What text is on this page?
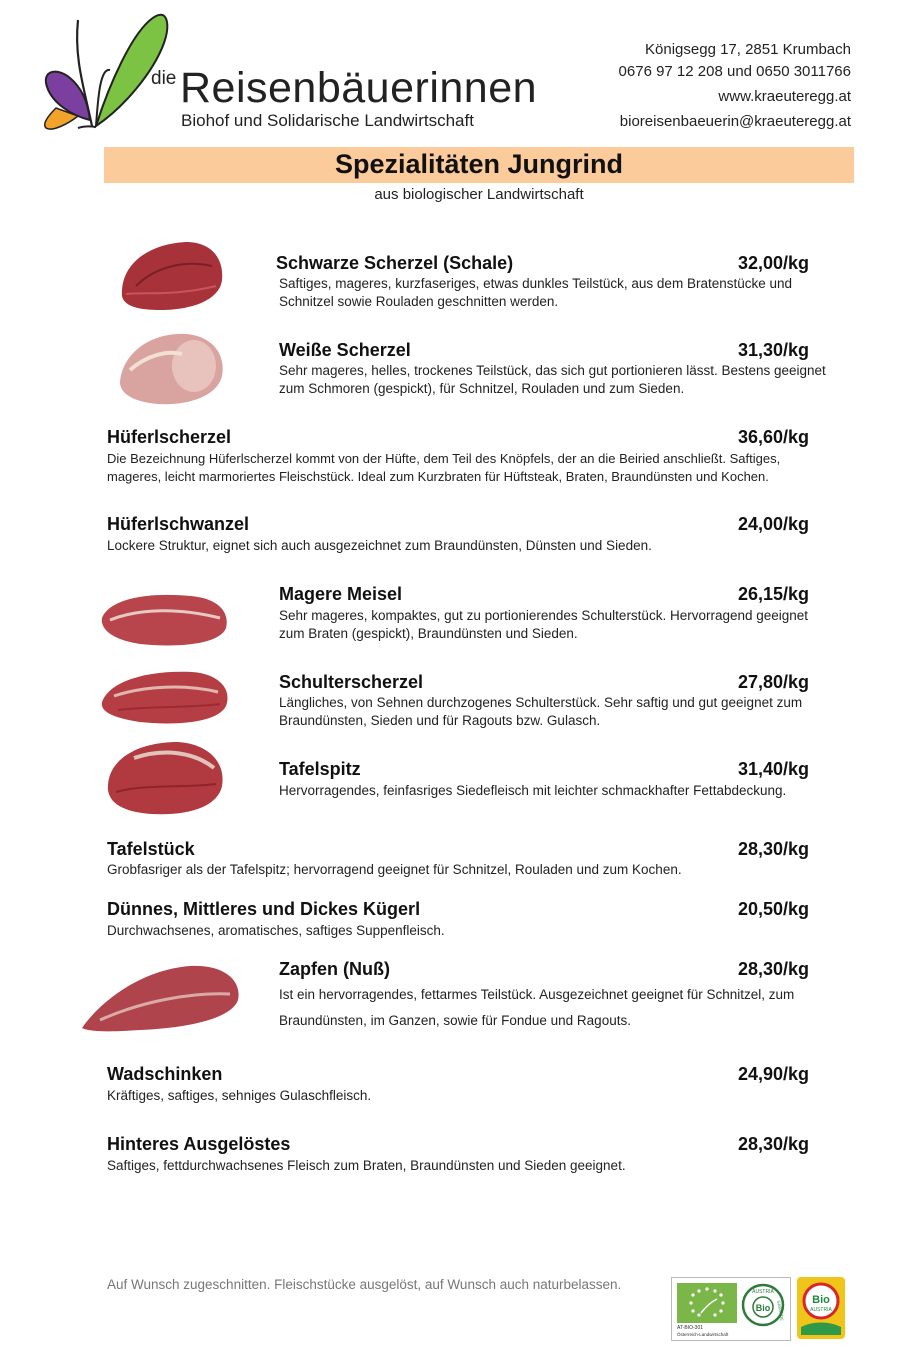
die Reisenbäuerinnen
Biohof und Solidarische Landwirtschaft
Königsegg 17, 2851 Krumbach
0676 97 12 208 und 0650 3011766
www.kraeuteregg.at
bioreisenbaeuerin@kraeuteregg.at
Spezialitäten Jungrind
aus biologischer Landwirtschaft
Schwarze Scherzel (Schale)	32,00/kg
Saftiges, mageres, kurzfaseriges, etwas dunkles Teilstück, aus dem Bratenstücke und
Schnitzel sowie Rouladen geschnitten werden.
Weiße Scherzel	31,30/kg
Sehr mageres, helles, trockenes Teilstück, das sich gut portionieren lässt. Bestens geeignet
zum Schmoren (gespickt), für Schnitzel, Rouladen und zum Sieden.
Hüferlscherzel	36,60/kg
Die Bezeichnung Hüferlscherzel kommt von der Hüfte, dem Teil des Knöpfels, der an die Beiried anschließt. Saftiges,
mageres, leicht marmoriertes Fleischstück. Ideal zum Kurzbraten für Hüftsteak, Braten, Braundünsten und Kochen.
Hüferlschwanzel	24,00/kg
Lockere Struktur, eignet sich auch ausgezeichnet zum Braundünsten, Dünsten und Sieden.
Magere Meisel	26,15/kg
Sehr mageres, kompaktes, gut zu portionierendes Schulterstück. Hervorragend geeignet
zum Braten (gespickt), Braundünsten und Sieden.
Schulterscherzel	27,80/kg
Längliches, von Sehnen durchzogenes Schulterstück. Sehr saftig und gut geeignet zum
Braundünsten, Sieden und für Ragouts bzw. Gulasch.
Tafelspitz	31,40/kg
Hervorragendes, feinfasriges Siedefleisch mit leichter schmackhafter Fettabdeckung.
Tafelstück	28,30/kg
Grobfasriger als der Tafelspitz; hervorragend geeignet für Schnitzel, Rouladen und zum Kochen.
Dünnes, Mittleres und Dickes Kügerl	20,50/kg
Durchwachsenes, aromatisches, saftiges Suppenfleisch.
Zapfen (Nuß)	28,30/kg
Ist ein hervorragendes, fettarmes Teilstück. Ausgezeichnet geeignet für Schnitzel, zum
Braundünsten, im Ganzen, sowie für Fondue und Ragouts.
Wadschinken	24,90/kg
Kräftiges, saftiges, sehniges Gulaschfleisch.
Hinteres Ausgelöstes	28,30/kg
Saftiges, fettdurchwachsenes Fleisch zum Braten, Braundünsten und Sieden geeignet.
Auf Wunsch zugeschnitten. Fleischstücke ausgelöst, auf Wunsch auch naturbelassen.
AT-BIO-301
Österreich-Landwirtschaft
AUSTRIA
Bio GARANTIE
Bio
AUSTRIA
